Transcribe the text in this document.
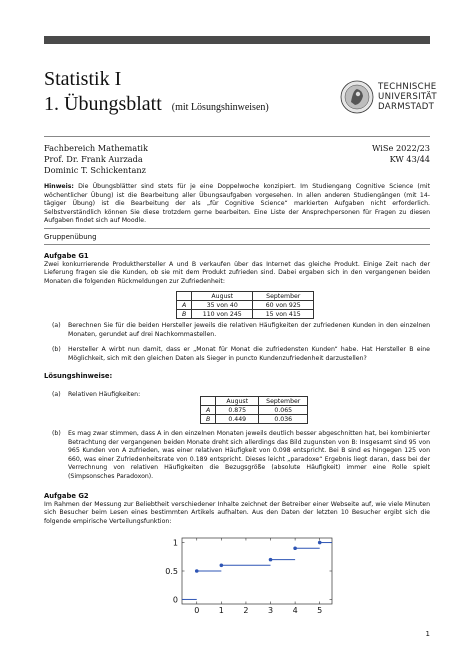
Statistik I
1. Übungsblatt (mit Lösungshinweisen)
TECHNISCHE
UNIVERSITÄT
DARMSTADT
Fachbereich Mathematik
Prof. Dr. Frank Aurzada
Dominic T. Schickentanz
WiSe 2022/23
KW 43/44
Hinweis: Die Übungsblätter sind stets für je eine Doppelwoche konzipiert. Im Studiengang Cognitive Science (mit wöchentlicher Übung) ist die Bearbeitung aller Übungsaufgaben vorgesehen. In allen anderen Studiengängen (mit 14-tägiger Übung) ist die Bearbeitung der als „für Cognitive Science“ markierten Aufgaben nicht erforderlich. Selbstverständlich können Sie diese trotzdem gerne bearbeiten. Eine Liste der Ansprechpersonen für Fragen zu diesen Aufgaben findet sich auf Moodle.
Gruppenübung
Aufgabe G1
Zwei konkurrierende Produkthersteller A und B verkaufen über das Internet das gleiche Produkt. Einige Zeit nach der Lieferung fragen sie die Kunden, ob sie mit dem Produkt zufrieden sind. Dabei ergaben sich in den vergangenen beiden Monaten die folgenden Rückmeldungen zur Zufriedenheit:
	August	September
A	35 von 40	60 von 925
B	110 von 245	15 von 415
(a) Berechnen Sie für die beiden Hersteller jeweils die relativen Häufigkeiten der zufriedenen Kunden in den einzelnen Monaten, gerundet auf drei Nachkommastellen.
(b) Hersteller A wirbt nun damit, dass er „Monat für Monat die zufriedensten Kunden“ habe. Hat Hersteller B eine Möglichkeit, sich mit den gleichen Daten als Sieger in puncto Kundenzufriedenheit darzustellen?
Lösungshinweise:
(a) Relativen Häufigkeiten:
	August	September
A	0.875	0.065
B	0.449	0.036
(b) Es mag zwar stimmen, dass A in den einzelnen Monaten jeweils deutlich besser abgeschnitten hat, bei kombinierter Betrachtung der vergangenen beiden Monate dreht sich allerdings das Bild zugunsten von B: Insgesamt sind 95 von 965 Kunden von A zufrieden, was einer relativen Häufigkeit von 0.098 entspricht. Bei B sind es hingegen 125 von 660, was einer Zufriedenheitsrate von 0.189 entspricht. Dieses leicht „paradoxe“ Ergebnis liegt daran, dass bei der Verrechnung von relativen Häufigkeiten die Bezugsgröße (absolute Häufigkeit) immer eine Rolle spielt (Simpsonsches Paradoxon).
Aufgabe G2
Im Rahmen der Messung zur Beliebtheit verschiedener Inhalte zeichnet der Betreiber einer Webseite auf, wie viele Minuten sich Besucher beim Lesen eines bestimmten Artikels aufhalten. Aus den Daten der letzten 10 Besucher ergibt sich die folgende empirische Verteilungsfunktion:
0 1 2 3 4 5
0
0.5
1
1
